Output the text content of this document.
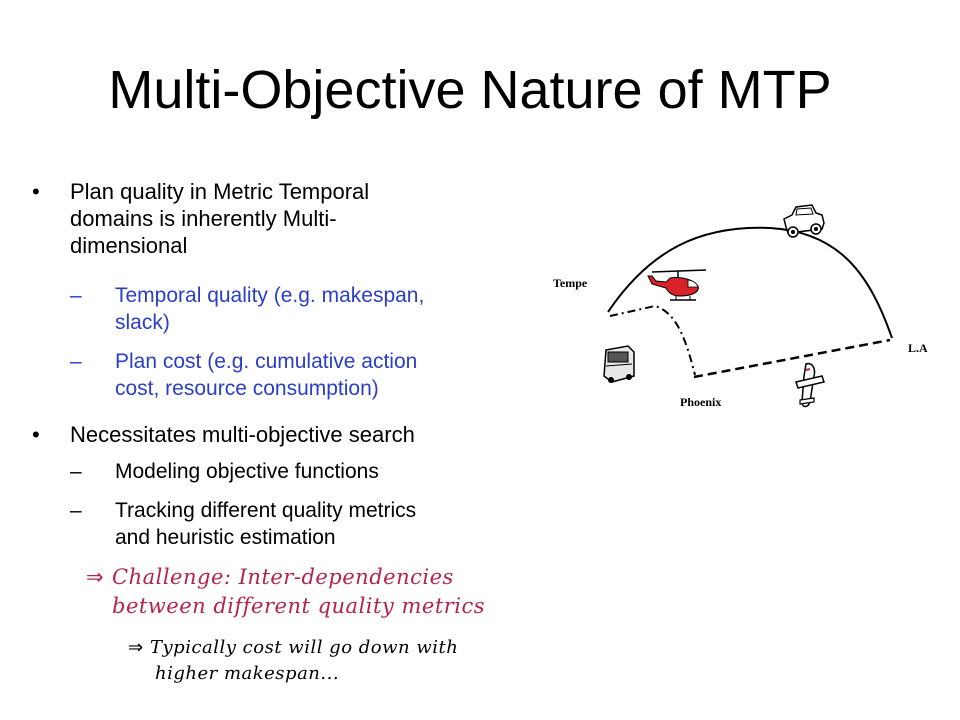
Multi-Objective Nature of MTP
• Plan quality in Metric Temporal
domains is inherently Multi-
dimensional
– Temporal quality (e.g. makespan,
slack)
– Plan cost (e.g. cumulative action
cost, resource consumption)
• Necessitates multi-objective search
– Modeling objective functions
– Tracking different quality metrics
and heuristic estimation
⇒ Challenge: Inter-dependencies
between different quality metrics
⇒ Typically cost will go down with
higher makespan...
Tempe
L.A
Phoenix
